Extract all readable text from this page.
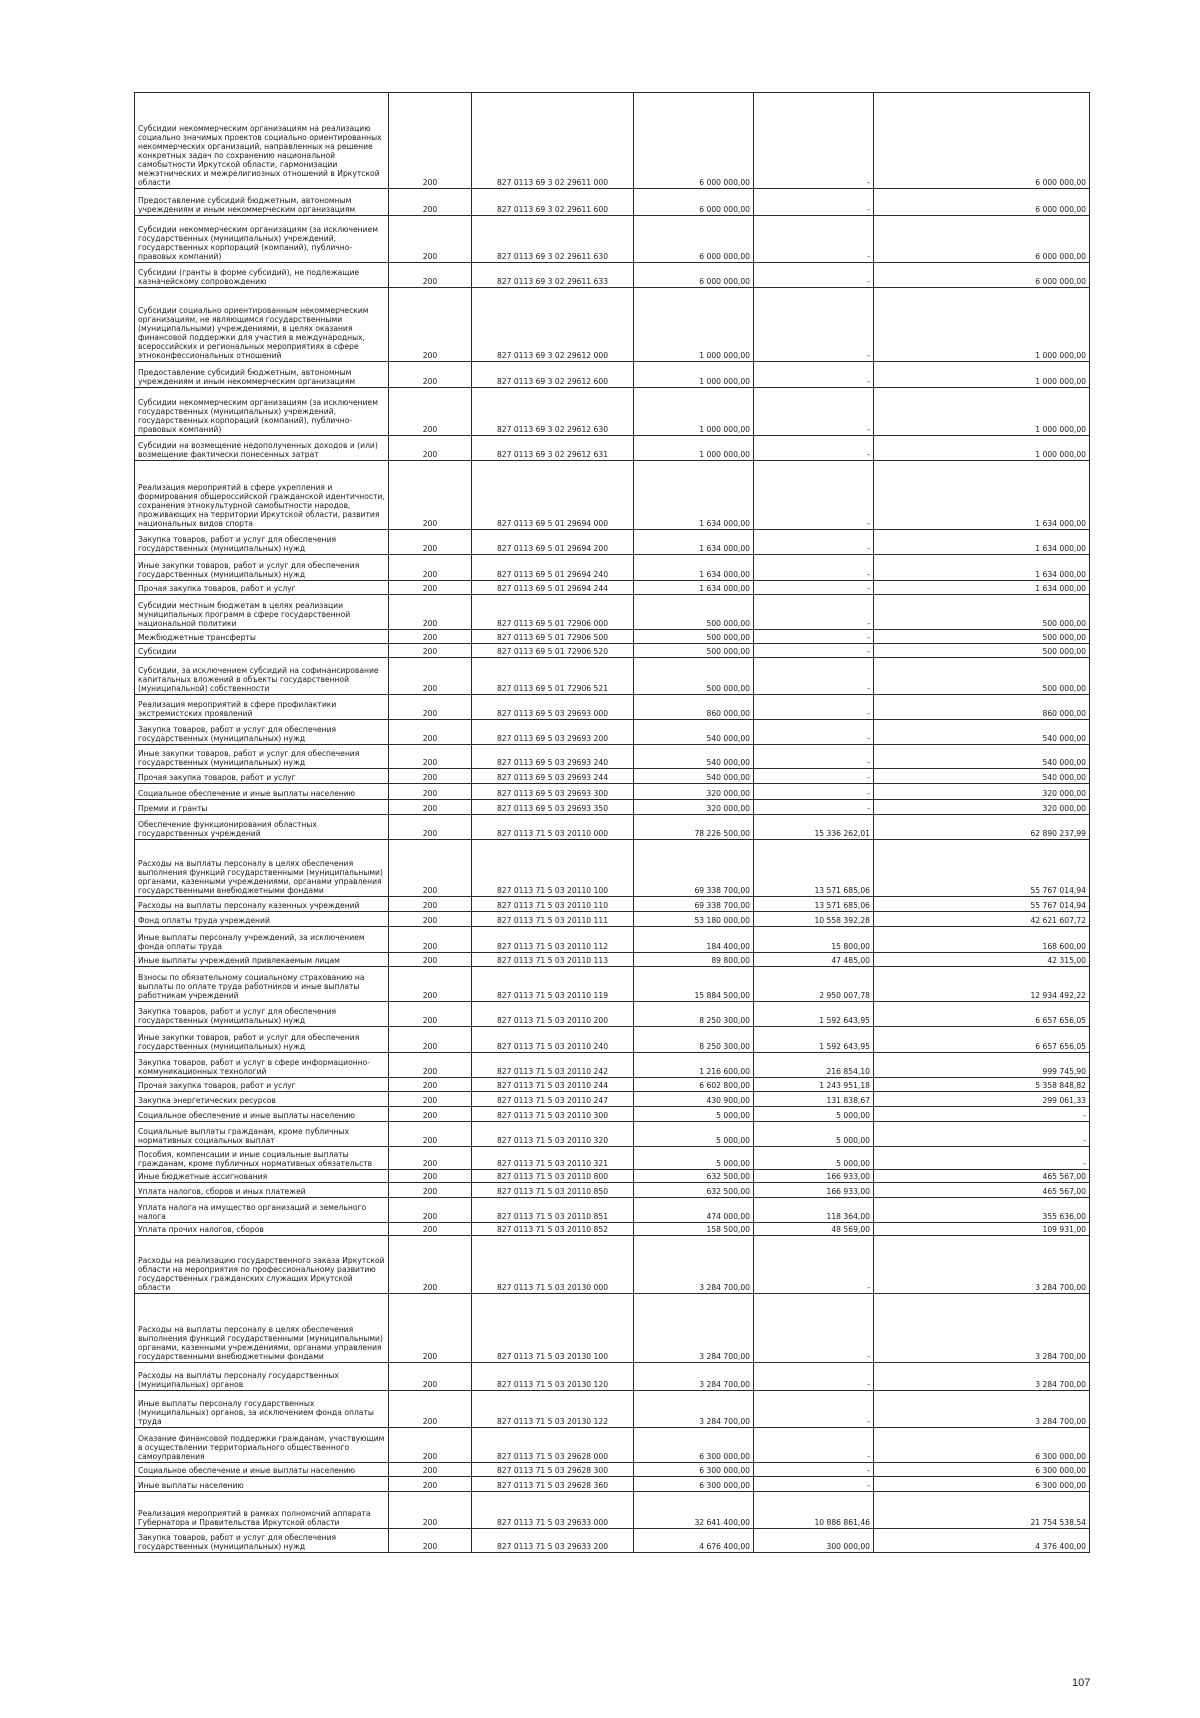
Субсидии некоммерческим организациям на реализацию социально значимых проектов социально ориентированных некоммерческих организаций, направленных на решение конкретных задач по сохранению национальной самобытности Иркутской области, гармонизации межэтнических и межрелигиозных отношений в Иркутской области	200	827 0113 69 3 02 29611 000	6 000 000,00	-	6 000 000,00
Предоставление субсидий бюджетным, автономным учреждениям и иным некоммерческим организациям	200	827 0113 69 3 02 29611 600	6 000 000,00	-	6 000 000,00
Субсидии некоммерческим организациям (за исключением государственных (муниципальных) учреждений, государственных корпораций (компаний), публично-правовых компаний)	200	827 0113 69 3 02 29611 630	6 000 000,00	-	6 000 000,00
Субсидии (гранты в форме субсидий), не подлежащие казначейскому сопровождению	200	827 0113 69 3 02 29611 633	6 000 000,00	-	6 000 000,00
Субсидии социально ориентированным некоммерческим организациям, не являющимся государственными (муниципальными) учреждениями, в целях оказания финансовой поддержки для участия в международных, всероссийских и региональных мероприятиях в сфере этноконфессиональных отношений	200	827 0113 69 3 02 29612 000	1 000 000,00	-	1 000 000,00
Предоставление субсидий бюджетным, автономным учреждениям и иным некоммерческим организациям	200	827 0113 69 3 02 29612 600	1 000 000,00	-	1 000 000,00
Субсидии некоммерческим организациям (за исключением государственных (муниципальных) учреждений, государственных корпораций (компаний), публично-правовых компаний)	200	827 0113 69 3 02 29612 630	1 000 000,00	-	1 000 000,00
Субсидии на возмещение недополученных доходов и (или) возмещение фактически понесенных затрат	200	827 0113 69 3 02 29612 631	1 000 000,00	-	1 000 000,00
Реализация мероприятий в сфере укрепления и формирования общероссийской гражданской идентичности, сохранения этнокультурной самобытности народов, проживающих на территории Иркутской области, развития национальных видов спорта	200	827 0113 69 5 01 29694 000	1 634 000,00	-	1 634 000,00
Закупка товаров, работ и услуг для обеспечения государственных (муниципальных) нужд	200	827 0113 69 5 01 29694 200	1 634 000,00	-	1 634 000,00
Иные закупки товаров, работ и услуг для обеспечения государственных (муниципальных) нужд	200	827 0113 69 5 01 29694 240	1 634 000,00	-	1 634 000,00
Прочая закупка товаров, работ и услуг	200	827 0113 69 5 01 29694 244	1 634 000,00	-	1 634 000,00
Субсидии местным бюджетам в целях реализации муниципальных программ в сфере государственной национальной политики	200	827 0113 69 5 01 72906 000	500 000,00	-	500 000,00
Межбюджетные трансферты	200	827 0113 69 5 01 72906 500	500 000,00	-	500 000,00
Субсидии	200	827 0113 69 5 01 72906 520	500 000,00	-	500 000,00
Субсидии, за исключением субсидий на софинансирование капитальных вложений в объекты государственной (муниципальной) собственности	200	827 0113 69 5 01 72906 521	500 000,00	-	500 000,00
Реализация мероприятий в сфере профилактики экстремистских проявлений	200	827 0113 69 5 03 29693 000	860 000,00	-	860 000,00
Закупка товаров, работ и услуг для обеспечения государственных (муниципальных) нужд	200	827 0113 69 5 03 29693 200	540 000,00	-	540 000,00
Иные закупки товаров, работ и услуг для обеспечения государственных (муниципальных) нужд	200	827 0113 69 5 03 29693 240	540 000,00	-	540 000,00
Прочая закупка товаров, работ и услуг	200	827 0113 69 5 03 29693 244	540 000,00	-	540 000,00
Социальное обеспечение и иные выплаты населению	200	827 0113 69 5 03 29693 300	320 000,00	-	320 000,00
Премии и гранты	200	827 0113 69 5 03 29693 350	320 000,00	-	320 000,00
Обеспечение функционирования областных государственных учреждений	200	827 0113 71 5 03 20110 000	78 226 500,00	15 336 262,01	62 890 237,99
Расходы на выплаты персоналу в целях обеспечения выполнения функций государственными (муниципальными) органами, казенными учреждениями, органами управления государственными внебюджетными фондами	200	827 0113 71 5 03 20110 100	69 338 700,00	13 571 685,06	55 767 014,94
Расходы на выплаты персоналу казенных учреждений	200	827 0113 71 5 03 20110 110	69 338 700,00	13 571 685,06	55 767 014,94
Фонд оплаты труда учреждений	200	827 0113 71 5 03 20110 111	53 180 000,00	10 558 392,28	42 621 607,72
Иные выплаты персоналу учреждений, за исключением фонда оплаты труда	200	827 0113 71 5 03 20110 112	184 400,00	15 800,00	168 600,00
Иные выплаты учреждений привлекаемым лицам	200	827 0113 71 5 03 20110 113	89 800,00	47 485,00	42 315,00
Взносы по обязательному социальному страхованию на выплаты по оплате труда работников и иные выплаты работникам учреждений	200	827 0113 71 5 03 20110 119	15 884 500,00	2 950 007,78	12 934 492,22
Закупка товаров, работ и услуг для обеспечения государственных (муниципальных) нужд	200	827 0113 71 5 03 20110 200	8 250 300,00	1 592 643,95	6 657 656,05
Иные закупки товаров, работ и услуг для обеспечения государственных (муниципальных) нужд	200	827 0113 71 5 03 20110 240	8 250 300,00	1 592 643,95	6 657 656,05
Закупка товаров, работ и услуг в сфере информационно-коммуникационных технологий	200	827 0113 71 5 03 20110 242	1 216 600,00	216 854,10	999 745,90
Прочая закупка товаров, работ и услуг	200	827 0113 71 5 03 20110 244	6 602 800,00	1 243 951,18	5 358 848,82
Закупка энергетических ресурсов	200	827 0113 71 5 03 20110 247	430 900,00	131 838,67	299 061,33
Социальное обеспечение и иные выплаты населению	200	827 0113 71 5 03 20110 300	5 000,00	5 000,00	-
Социальные выплаты гражданам, кроме публичных нормативных социальных выплат	200	827 0113 71 5 03 20110 320	5 000,00	5 000,00	-
Пособия, компенсации и иные социальные выплаты гражданам, кроме публичных нормативных обязательств	200	827 0113 71 5 03 20110 321	5 000,00	5 000,00	-
Иные бюджетные ассигнования	200	827 0113 71 5 03 20110 800	632 500,00	166 933,00	465 567,00
Уплата налогов, сборов и иных платежей	200	827 0113 71 5 03 20110 850	632 500,00	166 933,00	465 567,00
Уплата налога на имущество организаций и земельного налога	200	827 0113 71 5 03 20110 851	474 000,00	118 364,00	355 636,00
Уплата прочих налогов, сборов	200	827 0113 71 5 03 20110 852	158 500,00	48 569,00	109 931,00
Расходы на реализацию государственного заказа Иркутской области на мероприятия по профессиональному развитию государственных гражданских служащих Иркутской области	200	827 0113 71 5 03 20130 000	3 284 700,00	-	3 284 700,00
Расходы на выплаты персоналу в целях обеспечения выполнения функций государственными (муниципальными) органами, казенными учреждениями, органами управления государственными внебюджетными фондами	200	827 0113 71 5 03 20130 100	3 284 700,00	-	3 284 700,00
Расходы на выплаты персоналу государственных (муниципальных) органов	200	827 0113 71 5 03 20130 120	3 284 700,00	-	3 284 700,00
Иные выплаты персоналу государственных (муниципальных) органов, за исключением фонда оплаты труда	200	827 0113 71 5 03 20130 122	3 284 700,00	-	3 284 700,00
Оказание финансовой поддержки гражданам, участвующим в осуществлении территориального общественного самоуправления	200	827 0113 71 5 03 29628 000	6 300 000,00	-	6 300 000,00
Социальное обеспечение и иные выплаты населению	200	827 0113 71 5 03 29628 300	6 300 000,00	-	6 300 000,00
Иные выплаты населению	200	827 0113 71 5 03 29628 360	6 300 000,00	-	6 300 000,00
Реализация мероприятий в рамках полномочий аппарата Губернатора и Правительства Иркутской области	200	827 0113 71 5 03 29633 000	32 641 400,00	10 886 861,46	21 754 538,54
Закупка товаров, работ и услуг для обеспечения государственных (муниципальных) нужд	200	827 0113 71 5 03 29633 200	4 676 400,00	300 000,00	4 376 400,00
107
